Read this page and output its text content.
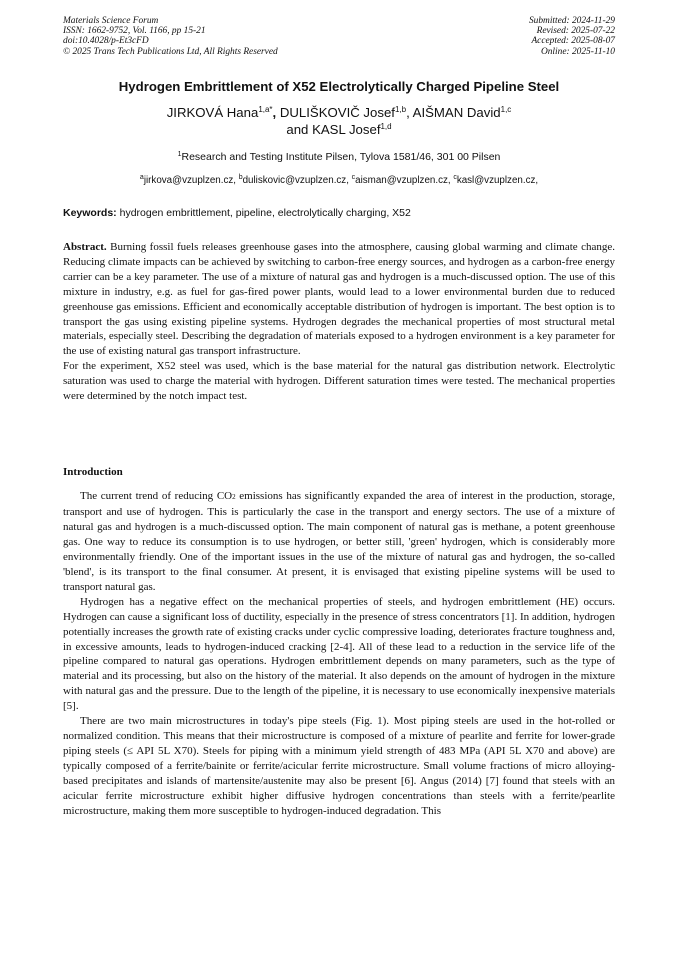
Materials Science Forum
ISSN: 1662-9752, Vol. 1166, pp 15-21
doi:10.4028/p-Et3cFD
© 2025 Trans Tech Publications Ltd, All Rights Reserved
Submitted: 2024-11-29
Revised: 2025-07-22
Accepted: 2025-08-07
Online: 2025-11-10
Hydrogen Embrittlement of X52 Electrolytically Charged Pipeline Steel
JIRKOVÁ Hana$^{1,a*}$, DULIŠKOVIČ Josef$^{1,b}$, AIŠMAN David$^{1,c}$
and KASL Josef$^{1,d}$
$^1$Research and Testing Institute Pilsen, Tylova 1581/46, 301 00 Pilsen
$^a$jirkova@vzuplzen.cz, $^b$duliskovic@vzuplzen.cz, $^c$aisman@vzuplzen.cz, $^c$kasl@vzuplzen.cz,
Keywords: hydrogen embrittlement, pipeline, electrolytically charging, X52

Abstract. Burning fossil fuels releases greenhouse gases into the atmosphere, causing global warming and climate change. Reducing climate impacts can be achieved by switching to carbon-free energy sources, and hydrogen as a carbon-free energy carrier can be a key parameter. The use of a mixture of natural gas and hydrogen is a much-discussed option. The use of this mixture in industry, e.g. as fuel for gas-fired power plants, would lead to a lower environmental burden due to reduced greenhouse gas emissions. Efficient and economically acceptable distribution of hydrogen is important. The best option is to transport the gas using existing pipeline systems. Hydrogen degrades the mechanical properties of most structural metal materials, especially steel. Describing the degradation of materials exposed to a hydrogen environment is a key parameter for the use of existing natural gas transport infrastructure.

For the experiment, X52 steel was used, which is the base material for the natural gas distribution network. Electrolytic saturation was used to charge the material with hydrogen. Different saturation times were tested. The mechanical properties were determined by the notch impact test.

Introduction

The current trend of reducing CO2 emissions has significantly expanded the area of interest in the production, storage, transport and use of hydrogen. This is particularly the case in the transport and energy sectors. The use of a mixture of natural gas and hydrogen is a much-discussed option. The main component of natural gas is methane, a potent greenhouse gas. One way to reduce its consumption is to use hydrogen, or better still, 'green' hydrogen, which is considerably more environmentally friendly. One of the important issues in the use of the mixture of natural gas and hydrogen, the so-called 'blend', is its transport to the final consumer. At present, it is envisaged that existing pipeline systems will be used to transport natural gas.

Hydrogen has a negative effect on the mechanical properties of steels, and hydrogen embrittlement (HE) occurs. Hydrogen can cause a significant loss of ductility, especially in the presence of stress concentrators [1]. In addition, hydrogen potentially increases the growth rate of existing cracks under cyclic compressive loading, deteriorates fracture toughness and, in excessive amounts, leads to hydrogen-induced cracking [2-4]. All of these lead to a reduction in the service life of the pipeline compared to natural gas operations. Hydrogen embrittlement depends on many parameters, such as the type of material and its processing, but also on the history of the material. It also depends on the amount of hydrogen in the mixture with natural gas and the pressure. Due to the length of the pipeline, it is necessary to use economically inexpensive materials [5].

There are two main microstructures in today's pipe steels (Fig. 1). Most piping steels are used in the hot-rolled or normalized condition. This means that their microstructure is composed of a mixture of pearlite and ferrite for lower-grade piping steels (≤ API 5L X70). Steels for piping with a minimum yield strength of 483 MPa (API 5L X70 and above) are typically composed of a ferrite/bainite or ferrite/acicular ferrite microstructure. Small volume fractions of micro alloying-based precipitates and islands of martensite/austenite may also be present [6]. Angus (2014) [7] found that steels with an acicular ferrite microstructure exhibit higher diffusive hydrogen concentrations than steels with a ferrite/pearlite microstructure, making them more susceptible to hydrogen-induced degradation. This
